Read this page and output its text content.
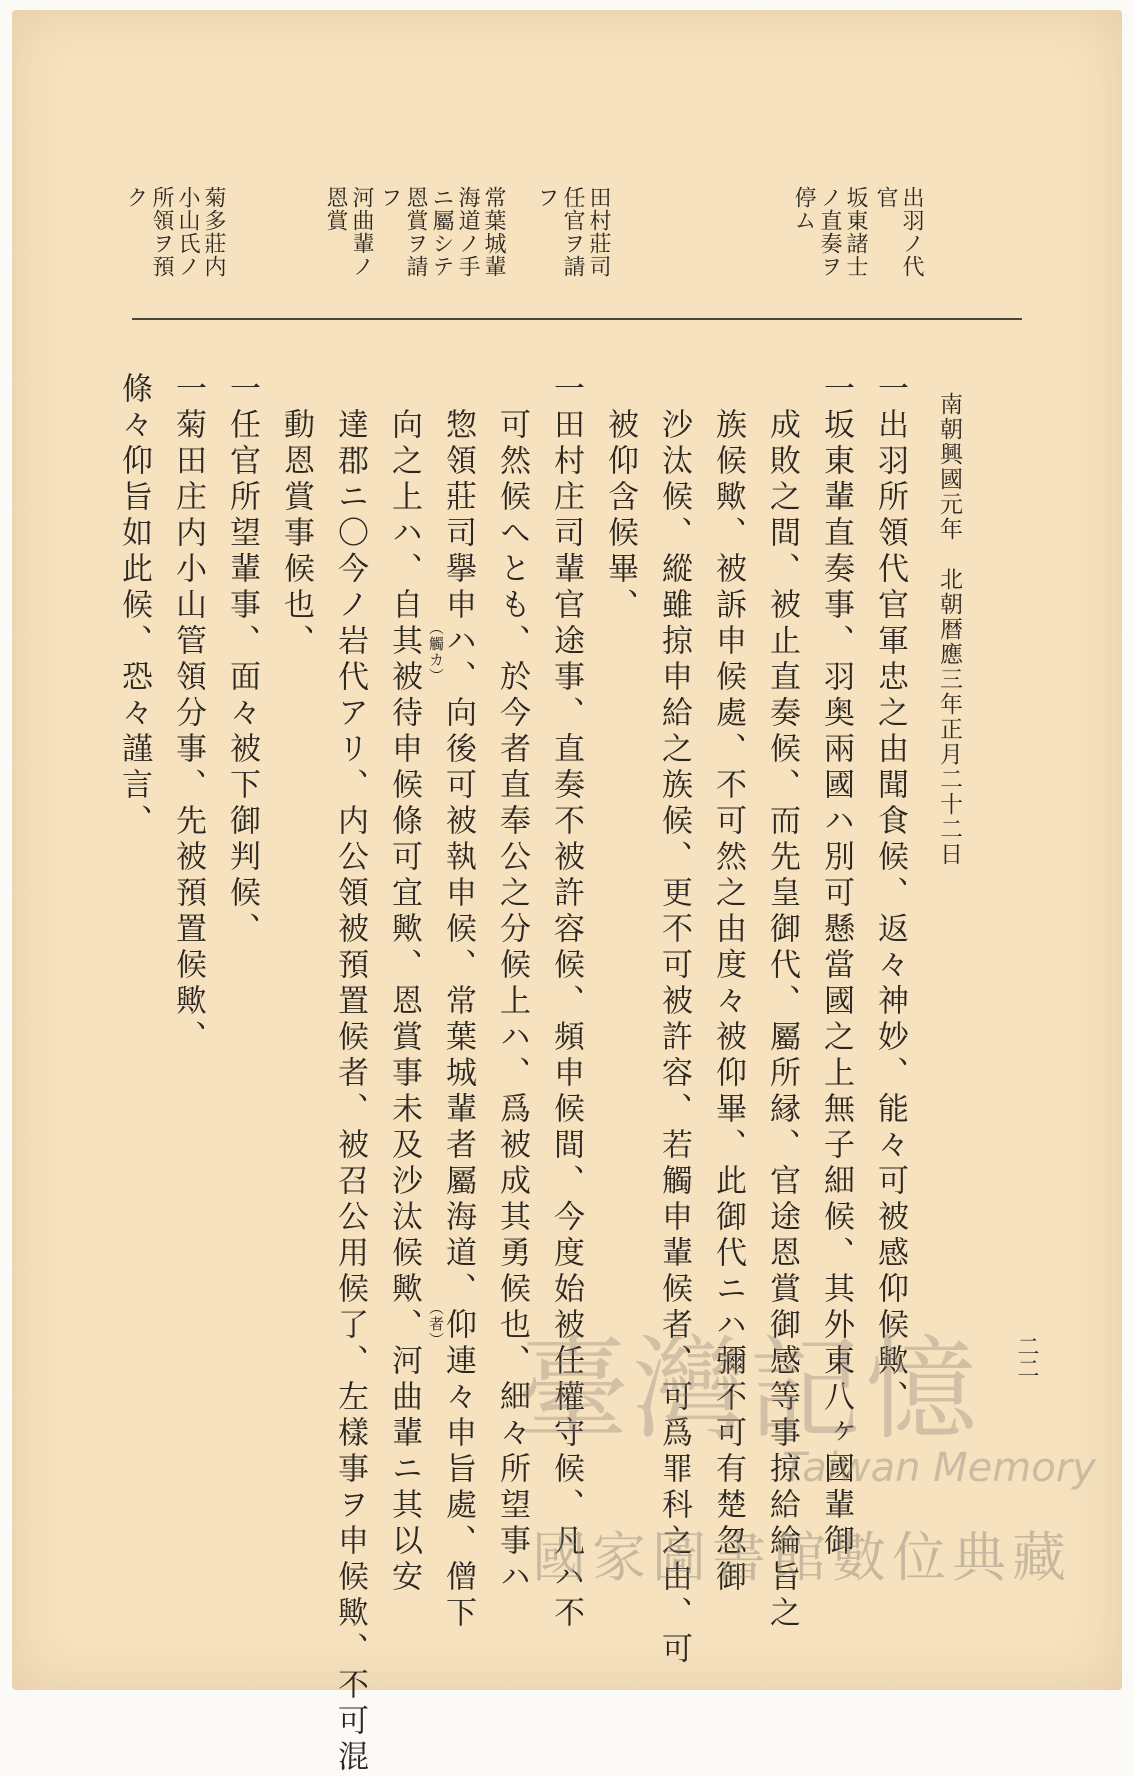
南朝興國元年　北朝暦應三年正月二十二日
二二
出羽ノ代
官
坂東諸士
ノ直奏ヲ
停ム
田村莊司
任官ヲ請
フ
常葉城輩
海道ノ手
ニ屬シテ
恩賞ヲ請
フ
河曲輩ノ
恩賞
菊多莊内
小山氏ノ
所領ヲ預
ク
一出羽所領代官軍忠之由聞食候、返々神妙、能々可被感仰候歟、
一坂東輩直奏事、羽奥兩國ハ別可懸當國之上無子細候、其外東八ヶ國輩御
成敗之間、被止直奏候、而先皇御代、屬所縁、官途恩賞御感等事掠給綸旨之
族候歟、被訴申候處、不可然之由度々被仰畢、此御代ニハ彌不可有楚忽御
沙汰候、縱雖掠申給之族候、更不可被許容、若觸申輩候者、可爲罪科之由、可
被仰含候畢、
一田村庄司輩官途事、直奏不被許容候、頻申候間、今度始被任權守候、凡ハ不
可然候へとも、於今者直奉公之分候上ハ、爲被成其勇候也、細々所望事ハ
惣領莊司擧申ハ、向後可被執申候、常葉城輩者屬海道、仰連々申旨處、僧下
向之上ハ、自其被待申候條可宜歟、恩賞事未及沙汰候歟、河曲輩ニ其以安
達郡ニ〇今ノ岩代アリ、内公領被預置候者、被召公用候了、左樣事ヲ申候歟、不可混
動恩賞事候也、
一任官所望輩事、面々被下御判候、
一菊田庄内小山管領分事、先被預置候歟、
條々仰旨如此候、恐々謹言、	（觸カ）
（者）
臺灣記憶
Taiwan Memory
國家圖書館數位典藏
